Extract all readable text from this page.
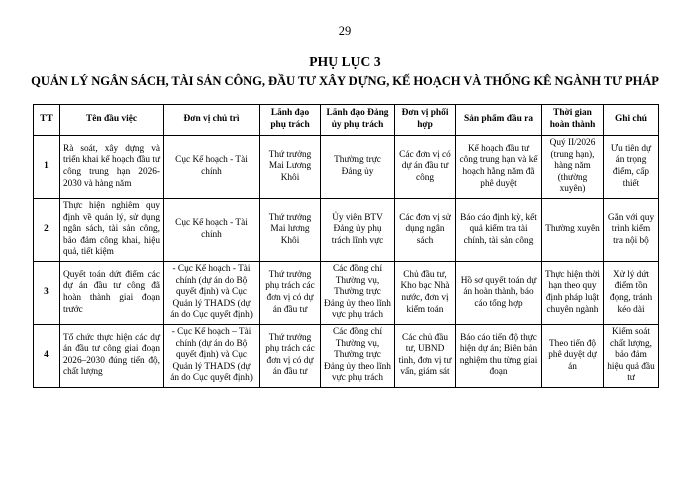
29
PHỤ LỤC 3
QUẢN LÝ NGÂN SÁCH, TÀI SẢN CÔNG, ĐẦU TƯ XÂY DỰNG, KẾ HOẠCH VÀ THỐNG KÊ NGÀNH TƯ PHÁP
TT	Tên đầu việc	Đơn vị chủ trì	Lãnh đạo phụ trách	Lãnh đạo Đảng ủy phụ trách	Đơn vị phối hợp	Sản phẩm đầu ra	Thời gian hoàn thành	Ghi chú
1	Rà soát, xây dựng và triển khai kế hoạch đầu tư công trung hạn 2026-2030 và hàng năm	Cục Kế hoạch - Tài chính	Thứ trưởng Mai Lương Khôi	Thường trực Đảng ủy	Các đơn vị có dự án đầu tư công	Kế hoạch đầu tư công trung hạn và kế hoạch hằng năm đã phê duyệt	Quý II/2026 (trung hạn), hàng năm (thường xuyên)	Ưu tiên dự án trọng điểm, cấp thiết
2	Thực hiện nghiêm quy định về quản lý, sử dụng ngân sách, tài sản công, bảo đảm công khai, hiệu quả, tiết kiệm	Cục Kế hoạch - Tài chính	Thứ trưởng Mai lương Khôi	Ủy viên BTV Đảng ủy phụ trách lĩnh vực	Các đơn vị sử dụng ngân sách	Báo cáo định kỳ, kết quả kiểm tra tài chính, tài sản công	Thường xuyên	Gắn với quy trình kiểm tra nội bộ
3	Quyết toán dứt điểm các dự án đầu tư công đã hoàn thành giai đoạn trước	- Cục Kế hoạch - Tài chính (dự án do Bộ quyết định) và Cục Quản lý THADS (dự án do Cục quyết định)	Thứ trưởng phụ trách các đơn vị có dự án đầu tư	Các đồng chí Thường vụ, Thường trực Đảng ủy theo lĩnh vực phụ trách	Chủ đầu tư, Kho bạc Nhà nước, đơn vị kiểm toán	Hồ sơ quyết toán dự án hoàn thành, báo cáo tổng hợp	Thực hiện thời hạn theo quy định pháp luật chuyên ngành	Xử lý dứt điểm tồn đọng, tránh kéo dài
4	Tổ chức thực hiện các dự án đầu tư công giai đoạn 2026–2030 đúng tiến độ, chất lượng	- Cục Kế hoạch – Tài chính (dự án do Bộ quyết định) và Cục Quản lý THADS (dự án do Cục quyết định)	Thứ trưởng phụ trách các đơn vị có dự án đầu tư	Các đồng chí Thường vụ, Thường trực Đảng ủy theo lĩnh vực phụ trách	Các chủ đầu tư, UBND tỉnh, đơn vị tư vấn, giám sát	Báo cáo tiến độ thực hiện dự án; Biên bản nghiệm thu từng giai đoạn	Theo tiến độ phê duyệt dự án	Kiểm soát chất lượng, bảo đảm hiệu quả đầu tư
